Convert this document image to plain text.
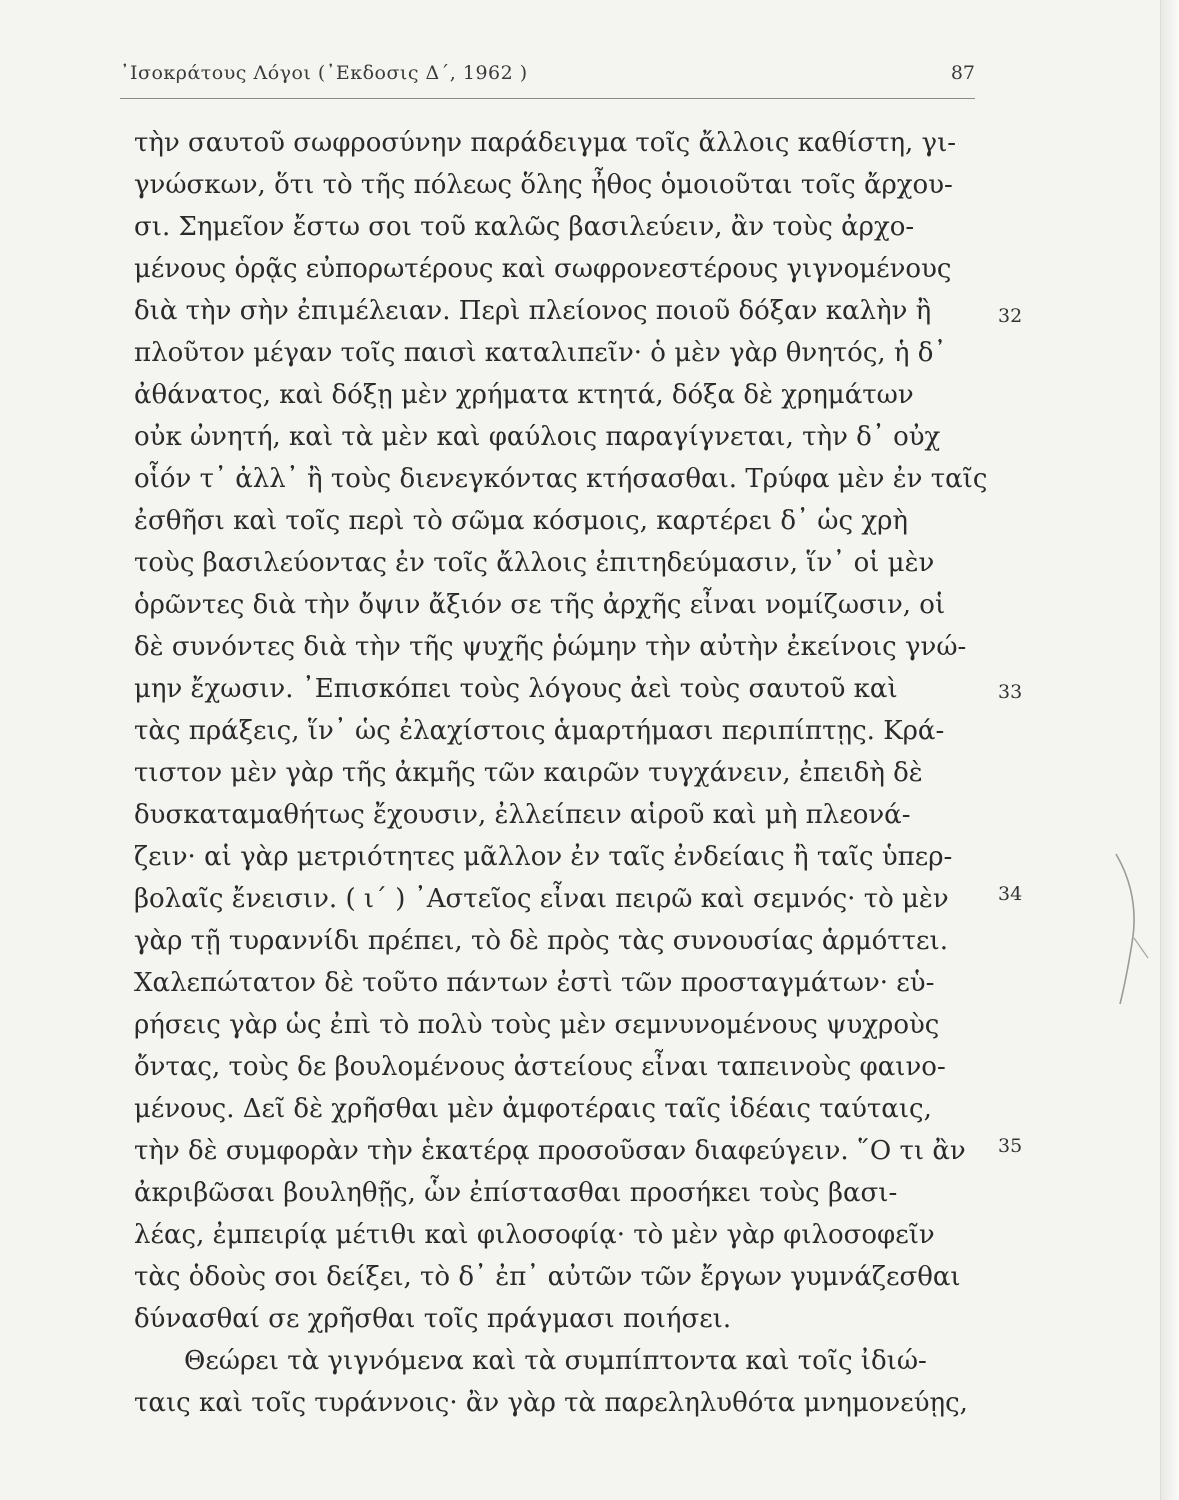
᾿Ισοκράτους Λόγοι (᾿Εκδοσις Δ΄, 1962 )	87
τὴν σαυτοῦ σωφροσύνην παράδειγμα τοῖς ἄλλοις καθίστη, γι-
γνώσκων, ὅτι τὸ τῆς πόλεως ὅλης ἦθος ὁμοιοῦται τοῖς ἄρχου-
σι. Σημεῖον ἔστω σοι τοῦ καλῶς βασιλεύειν, ἂν τοὺς ἀρχο-
μένους ὁρᾷς εὐπορωτέρους καὶ σωφρονεστέρους γιγνομένους
διὰ τὴν σὴν ἐπιμέλειαν. Περὶ πλείονος ποιοῦ δόξαν καλὴν ἢ
πλοῦτον μέγαν τοῖς παισὶ καταλιπεῖν· ὁ μὲν γὰρ θνητός, ἡ δ᾽
ἀθάνατος, καὶ δόξῃ μὲν χρήματα κτητά, δόξα δὲ χρημάτων
οὐκ ὠνητή, καὶ τὰ μὲν καὶ φαύλοις παραγίγνεται, τὴν δ᾽ οὐχ
οἷόν τ᾽ ἀλλ᾽ ἢ τοὺς διενεγκόντας κτήσασθαι. Τρύφα μὲν ἐν ταῖς
ἐσθῆσι καὶ τοῖς περὶ τὸ σῶμα κόσμοις, καρτέρει δ᾽ ὡς χρὴ
τοὺς βασιλεύοντας ἐν τοῖς ἄλλοις ἐπιτηδεύμασιν, ἵν᾽ οἱ μὲν
ὁρῶντες διὰ τὴν ὄψιν ἄξιόν σε τῆς ἀρχῆς εἶναι νομίζωσιν, οἱ
δὲ συνόντες διὰ τὴν τῆς ψυχῆς ῥώμην τὴν αὐτὴν ἐκείνοις γνώ-
μην ἔχωσιν. ᾿Επισκόπει τοὺς λόγους ἀεὶ τοὺς σαυτοῦ καὶ
τὰς πράξεις, ἵν᾽ ὡς ἐλαχίστοις ἁμαρτήμασι περιπίπτῃς. Κρά-
τιστον μὲν γὰρ τῆς ἀκμῆς τῶν καιρῶν τυγχάνειν, ἐπειδὴ δὲ
δυσκαταμαθήτως ἔχουσιν, ἐλλείπειν αἱροῦ καὶ μὴ πλεονά-
ζειν· αἱ γὰρ μετριότητες μᾶλλον ἐν ταῖς ἐνδείαις ἢ ταῖς ὑπερ-
βολαῖς ἔνεισιν. ( ι΄ ) ᾿Αστεῖος εἶναι πειρῶ καὶ σεμνός· τὸ μὲν
γὰρ τῇ τυραννίδι πρέπει, τὸ δὲ πρὸς τὰς συνουσίας ἁρμόττει.
Χαλεπώτατον δὲ τοῦτο πάντων ἐστὶ τῶν προσταγμάτων· εὑ-
ρήσεις γὰρ ὡς ἐπὶ τὸ πολὺ τοὺς μὲν σεμνυνομένους ψυχροὺς
ὄντας, τοὺς δε βουλομένους ἀστείους εἶναι ταπεινοὺς φαινο-
μένους. Δεῖ δὲ χρῆσθαι μὲν ἀμφοτέραις ταῖς ἰδέαις ταύταις,
τὴν δὲ συμφορὰν τὴν ἑκατέρᾳ προσοῦσαν διαφεύγειν. ῞Ο τι ἂν
ἀκριβῶσαι βουληθῇς, ὧν ἐπίστασθαι προσήκει τοὺς βασι-
λέας, ἐμπειρίᾳ μέτιθι καὶ φιλοσοφίᾳ· τὸ μὲν γὰρ φιλοσοφεῖν
τὰς ὁδοὺς σοι δείξει, τὸ δ᾽ ἐπ᾽ αὐτῶν τῶν ἔργων γυμνάζεσθαι
δύνασθαί σε χρῆσθαι τοῖς πράγμασι ποιήσει.
Θεώρει τὰ γιγνόμενα καὶ τὰ συμπίπτοντα καὶ τοῖς ἰδιώ-
ταις καὶ τοῖς τυράννοις· ἂν γὰρ τὰ παρεληλυθότα μνημονεύῃς,
32
33
34
35
